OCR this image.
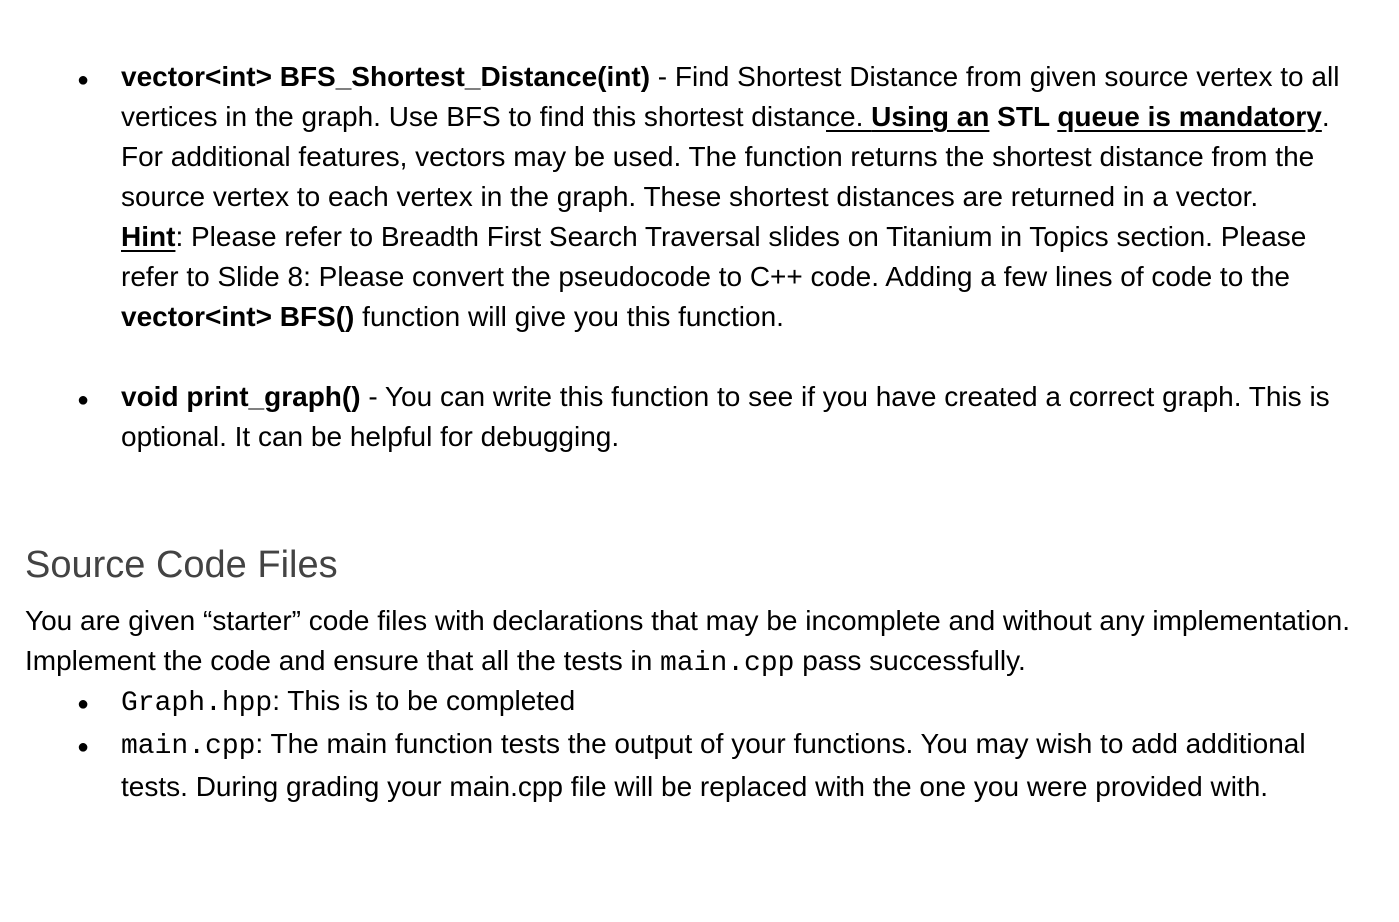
●

vector<int> BFS_Shortest_Distance(int) - Find Shortest Distance from given source vertex to all vertices in the graph. Use BFS to find this shortest distance. Using an STL queue is mandatory. For additional features, vectors may be used. The function returns the shortest distance from the source vertex to each vertex in the graph. These shortest distances are returned in a vector.

Hint: Please refer to Breadth First Search Traversal slides on Titanium in Topics section. Please refer to Slide 8: Please convert the pseudocode to C++ code. Adding a few lines of code to the vector<int> BFS() function will give you this function.

●
void print_graph() - You can write this function to see if you have created a correct graph. This is optional. It can be helpful for debugging.
Source Code Files

You are given “starter” code files with declarations that may be incomplete and without any implementation. Implement the code and ensure that all the tests in main.cpp pass successfully.

●
Graph.hpp: This is to be completed
●
main.cpp: The main function tests the output of your functions. You may wish to add additional tests. During grading your main.cpp file will be replaced with the one you were provided with.
